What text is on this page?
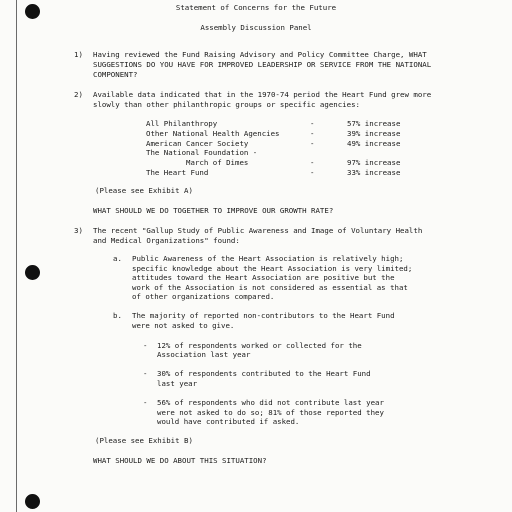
Statement of Concerns for the Future
Assembly Discussion Panel
1) Having reviewed the Fund Raising Advisory and Policy Committee Charge, WHAT
SUGGESTIONS DO YOU HAVE FOR IMPROVED LEADERSHIP OR SERVICE FROM THE NATIONAL
COMPONENT?
2) Available data indicated that in the 1970-74 period the Heart Fund grew more
slowly than other philanthropic groups or specific agencies:
All Philanthropy	-	57% increase
Other National Health Agencies	-	39% increase
American Cancer Society	-	49% increase
The National Foundation -
March of Dimes	-	97% increase
The Heart Fund	-	33% increase
(Please see Exhibit A)
WHAT SHOULD WE DO TOGETHER TO IMPROVE OUR GROWTH RATE?
3) The recent "Gallup Study of Public Awareness and Image of Voluntary Health
and Medical Organizations" found:
a. Public Awareness of the Heart Association is relatively high;
specific knowledge about the Heart Association is very limited;
attitudes toward the Heart Association are positive but the
work of the Association is not considered as essential as that
of other organizations compared.
b. The majority of reported non-contributors to the Heart Fund
were not asked to give.
- 12% of respondents worked or collected for the
Association last year
- 30% of respondents contributed to the Heart Fund
last year
- 56% of respondents who did not contribute last year
were not asked to do so; 81% of those reported they
would have contributed if asked.
(Please see Exhibit B)
WHAT SHOULD WE DO ABOUT THIS SITUATION?
